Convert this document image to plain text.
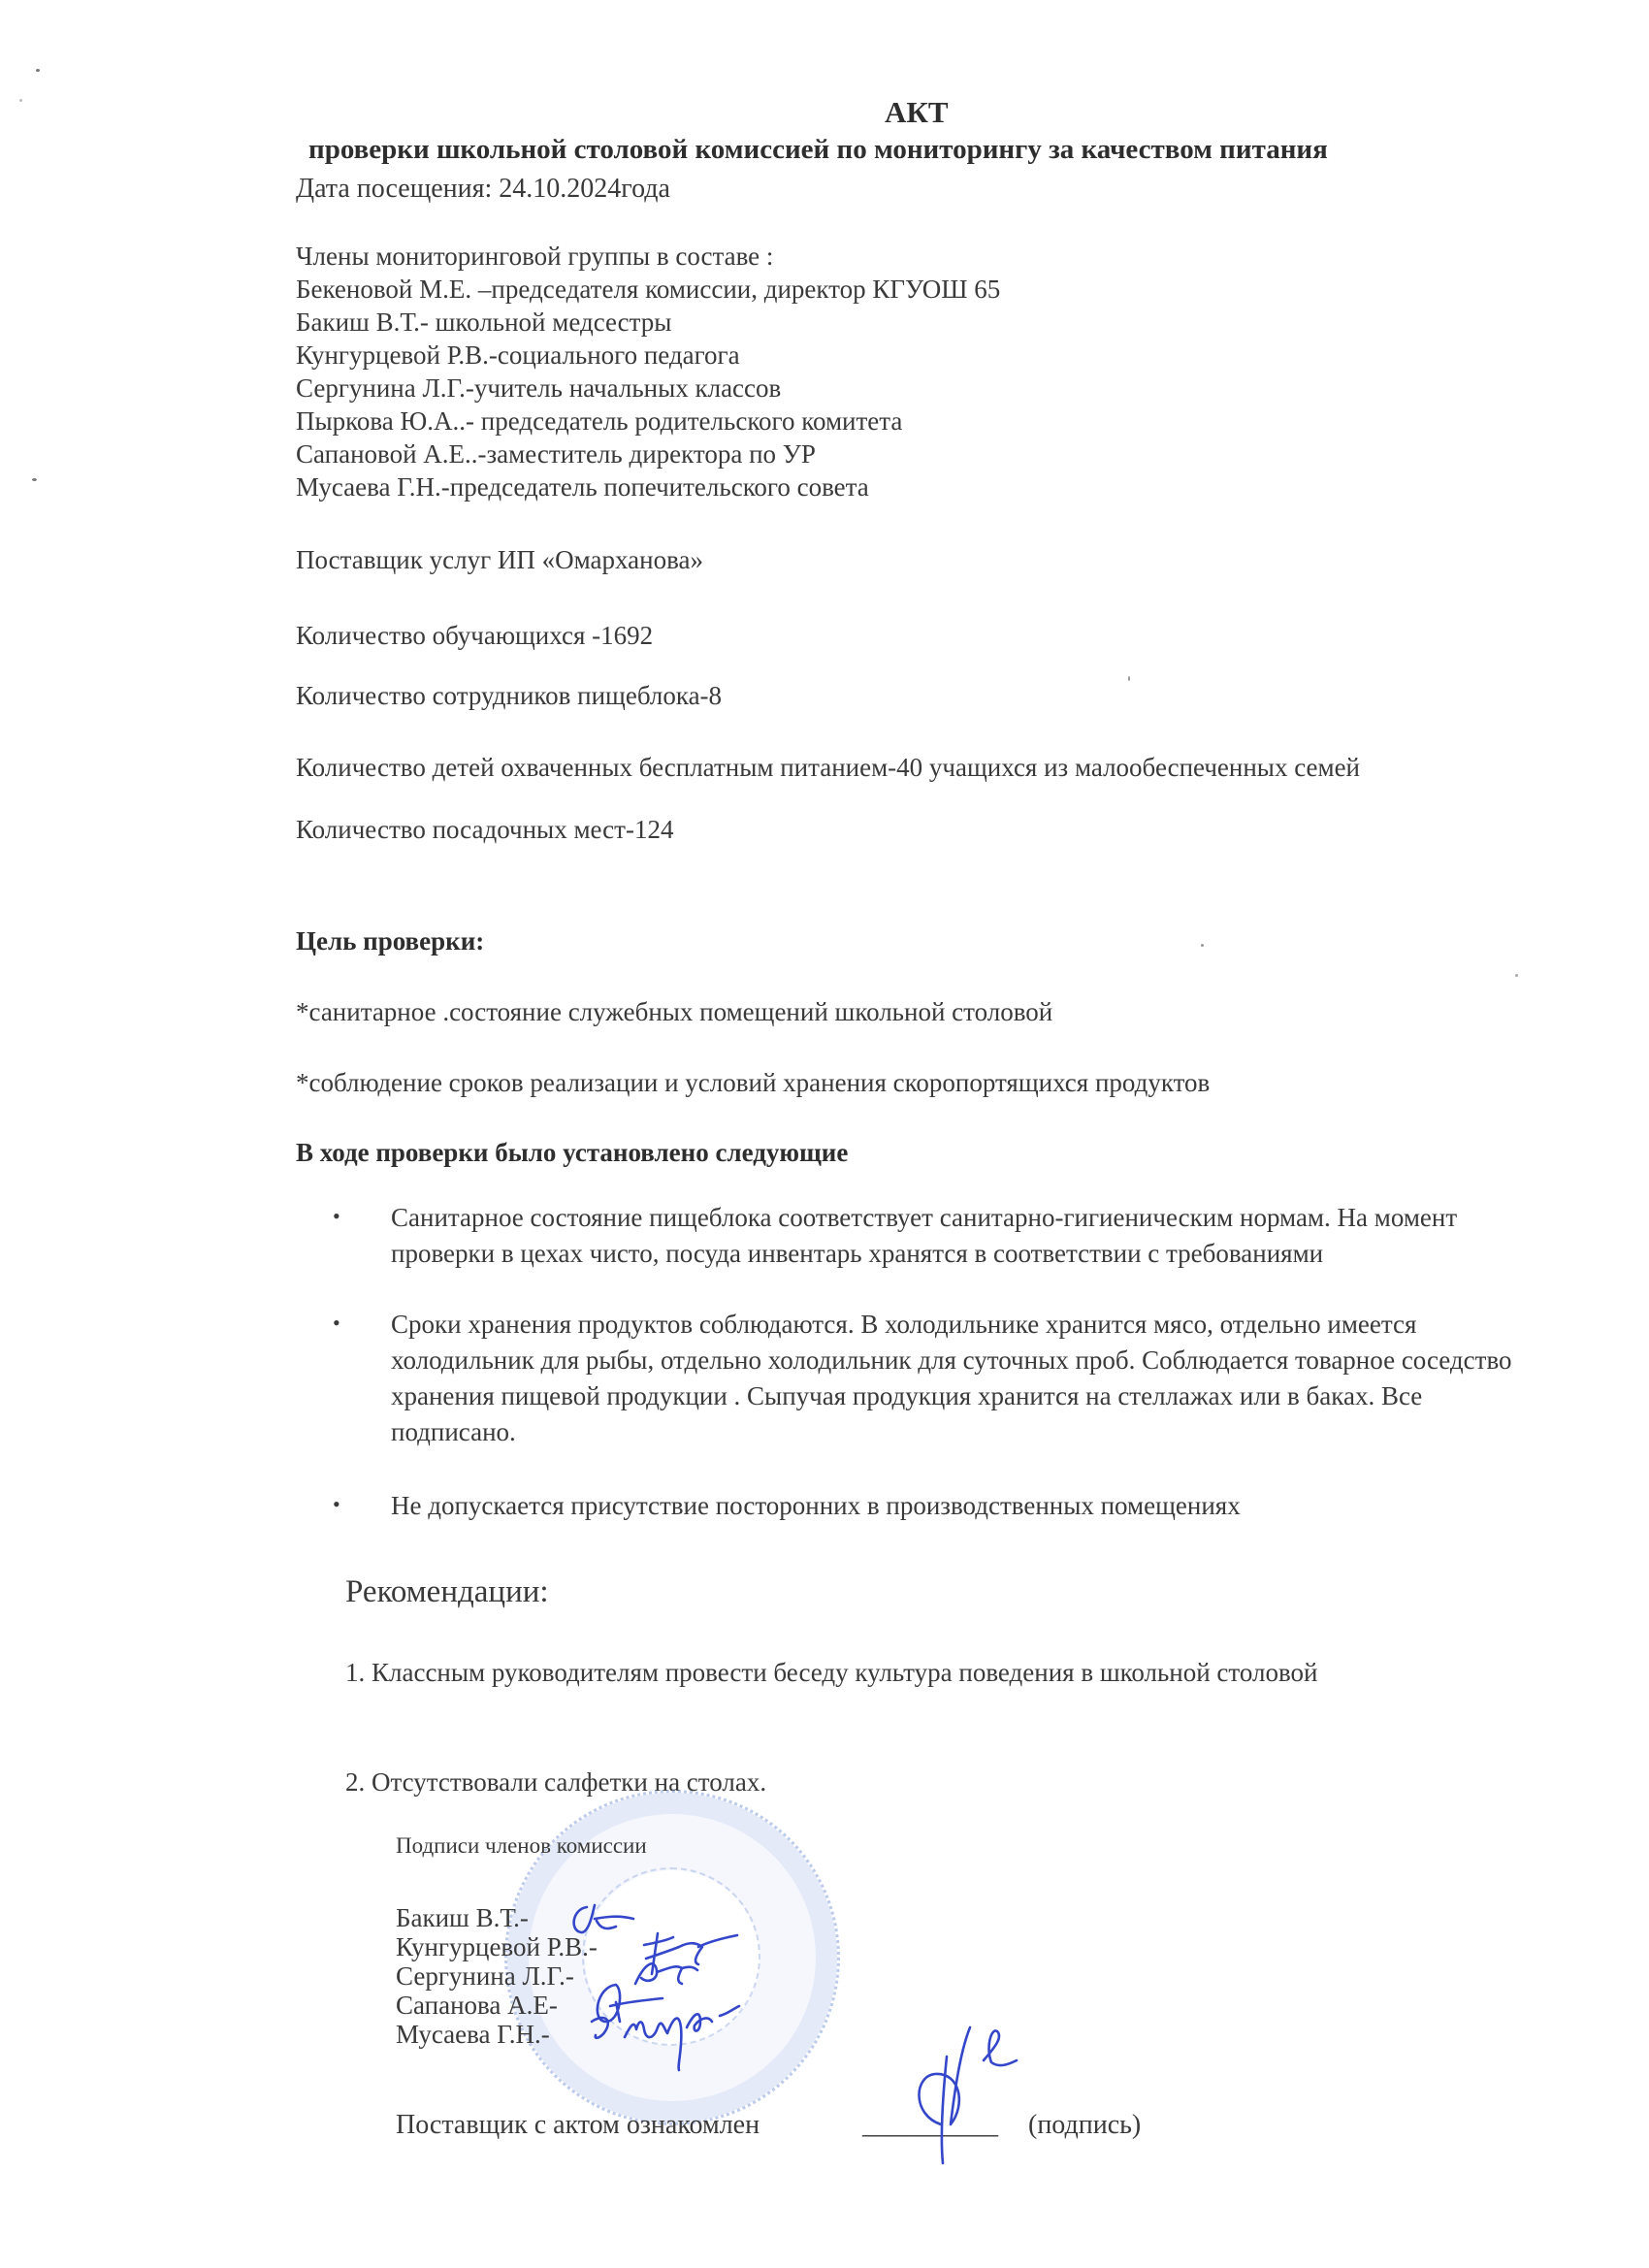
АКТ
проверки школьной столовой комиссией по мониторингу за качеством питания
Дата посещения: 24.10.2024года
Члены мониторинговой группы в составе :
Бекеновой М.Е. –председателя комиссии, директор КГУОШ 65
Бакиш В.Т.- школьной медсестры
Кунгурцевой Р.В.-социального педагога
Сергунина Л.Г.-учитель начальных классов
Пыркова Ю.А..- председатель родительского комитета
Сапановой А.Е..-заместитель директора по УР
Мусаева Г.Н.-председатель попечительского совета
Поставщик услуг ИП «Омарханова»
Количество обучающихся -1692
Количество сотрудников пищеблока-8
Количество детей охваченных бесплатным питанием-40 учащихся из малообеспеченных семей
Количество посадочных мест-124
Цель проверки:
*санитарное .состояние служебных помещений школьной столовой
*соблюдение сроков реализации и условий хранения скоропортящихся продуктов
В ходе проверки было установлено следующие
• Санитарное состояние пищеблока соответствует санитарно-гигиеническим нормам. На момент проверки в цехах чисто, посуда инвентарь хранятся в соответствии с требованиями
• Сроки хранения продуктов соблюдаются. В холодильнике хранится мясо, отдельно имеется холодильник для рыбы, отдельно холодильник для суточных проб. Соблюдается товарное соседство хранения пищевой продукции . Сыпучая продукция хранится на стеллажах или в баках. Все подписано.
• Не допускается присутствие посторонних в производственных помещениях
Рекомендации:
1. Классным руководителям провести беседу культура поведения в школьной столовой
2. Отсутствовали салфетки на столах.
Подписи членов комиссии
Бакиш В.Т.-
Кунгурцевой Р.В.-
Сергунина Л.Г.-
Сапанова А.Е-
Мусаева Г.Н.-
Поставщик с актом ознакомлен	__________ (подпись)
